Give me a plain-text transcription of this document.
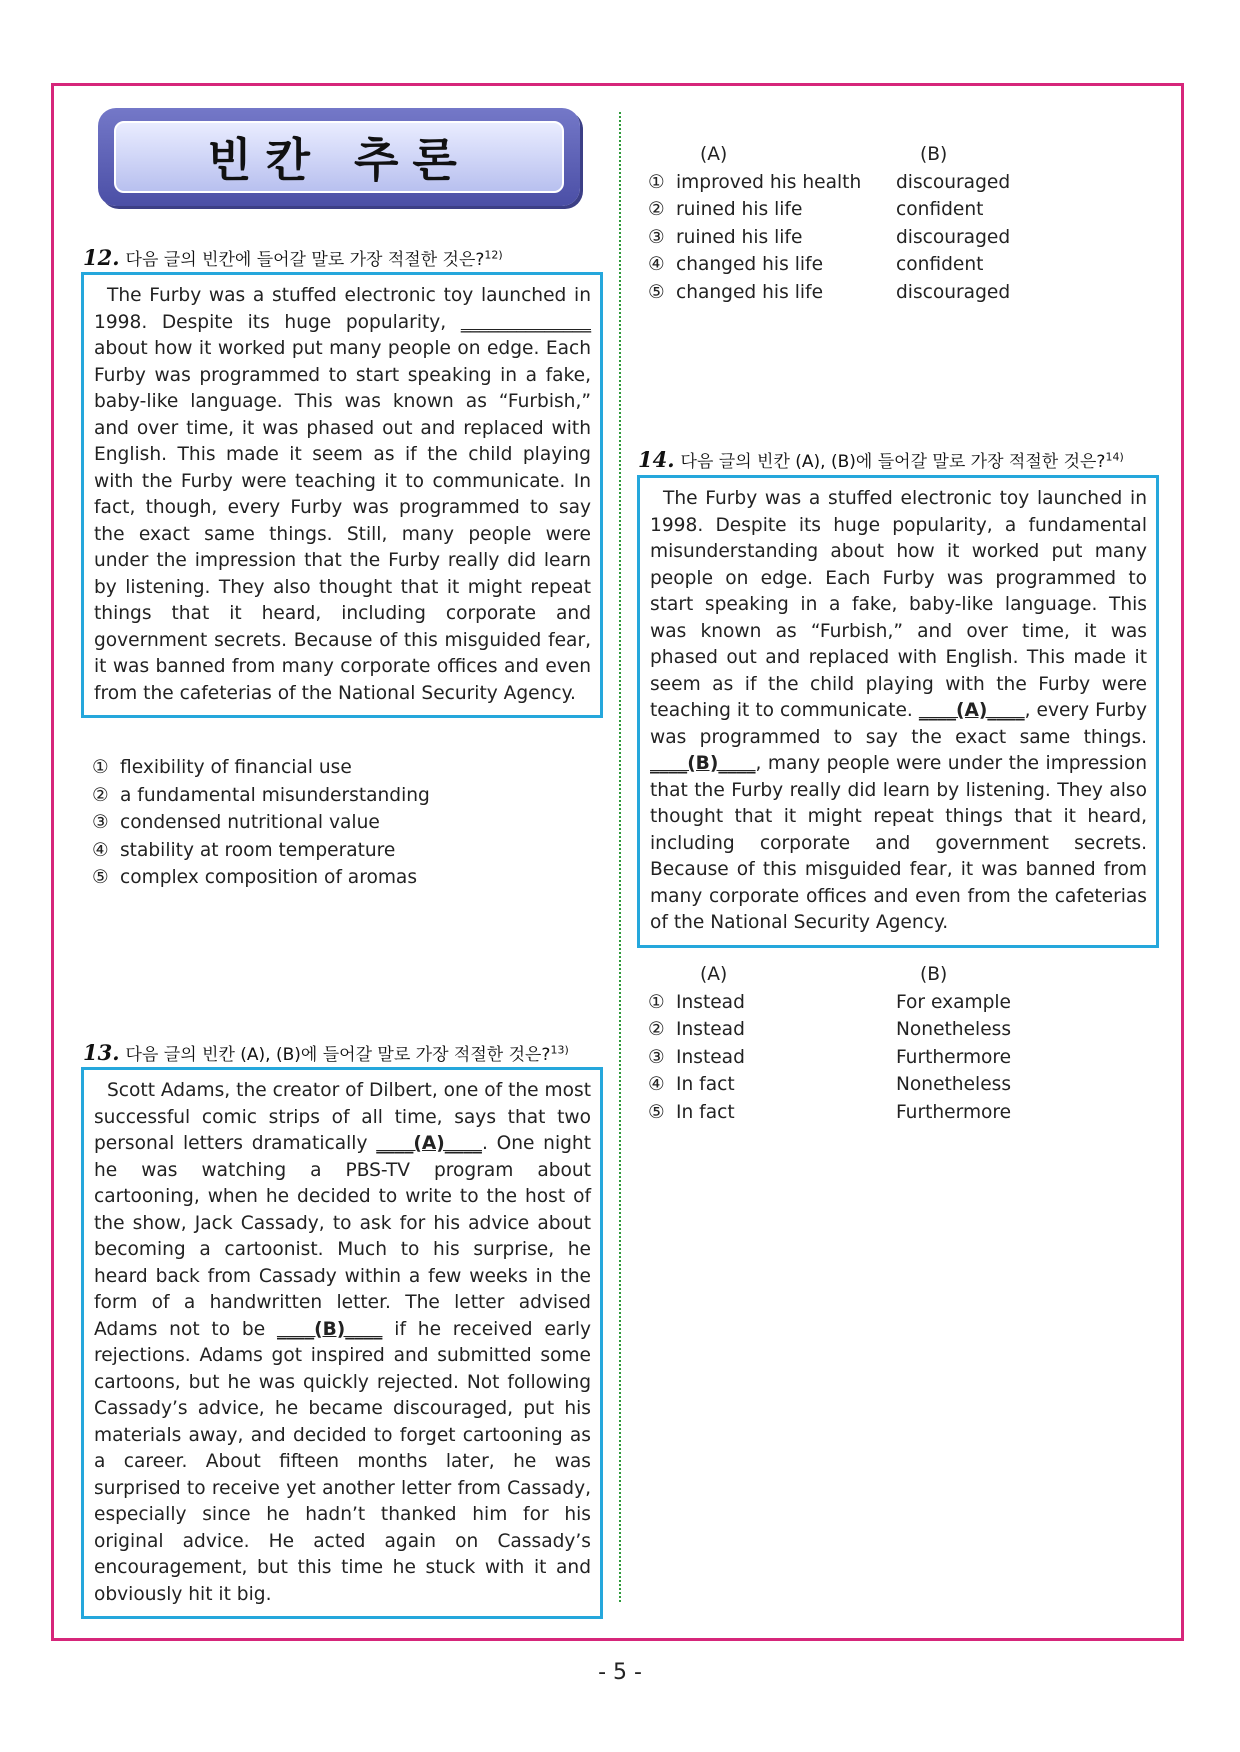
빈칸 추론
12. 다음 글의 빈칸에 들어갈 말로 가장 적절한 것은?$^{12)}$
The Furby was a stuffed electronic toy launched in 1998. Despite its huge popularity, ______________ about how it worked put many people on edge. Each Furby was programmed to start speaking in a fake, baby-like language. This was known as “Furbish,” and over time, it was phased out and replaced with English. This made it seem as if the child playing with the Furby were teaching it to communicate. In fact, though, every Furby was programmed to say the exact same things. Still, many people were under the impression that the Furby really did learn by listening. They also thought that it might repeat things that it heard, including corporate and government secrets. Because of this misguided fear, it was banned from many corporate offices and even from the cafeterias of the National Security Agency.
① flexibility of financial use
② a fundamental misunderstanding
③ condensed nutritional value
④ stability at room temperature
⑤ complex composition of aromas
13. 다음 글의 빈칸 (A), (B)에 들어갈 말로 가장 적절한 것은?$^{13)}$
Scott Adams, the creator of Dilbert, one of the most successful comic strips of all time, says that two personal letters dramatically ____(A)____. One night he was watching a PBS-TV program about cartooning, when he decided to write to the host of the show, Jack Cassady, to ask for his advice about becoming a cartoonist. Much to his surprise, he heard back from Cassady within a few weeks in the form of a handwritten letter. The letter advised Adams not to be ____(B)____ if he received early rejections. Adams got inspired and submitted some cartoons, but he was quickly rejected. Not following Cassady’s advice, he became discouraged, put his materials away, and decided to forget cartooning as a career. About fifteen months later, he was surprised to receive yet another letter from Cassady, especially since he hadn’t thanked him for his original advice. He acted again on Cassady’s encouragement, but this time he stuck with it and obviously hit it big.
(A)	(B)
① improved his health	discouraged
② ruined his life	confident
③ ruined his life	discouraged
④ changed his life	confident
⑤ changed his life	discouraged
14. 다음 글의 빈칸 (A), (B)에 들어갈 말로 가장 적절한 것은?$^{14)}$
The Furby was a stuffed electronic toy launched in 1998. Despite its huge popularity, a fundamental misunderstanding about how it worked put many people on edge. Each Furby was programmed to start speaking in a fake, baby-like language. This was known as “Furbish,” and over time, it was phased out and replaced with English. This made it seem as if the child playing with the Furby were teaching it to communicate. ____(A)____, every Furby was programmed to say the exact same things. ____(B)____, many people were under the impression that the Furby really did learn by listening. They also thought that it might repeat things that it heard, including corporate and government secrets. Because of this misguided fear, it was banned from many corporate offices and even from the cafeterias of the National Security Agency.
(A)	(B)
① Instead	For example
② Instead	Nonetheless
③ Instead	Furthermore
④ In fact	Nonetheless
⑤ In fact	Furthermore
- 5 -
